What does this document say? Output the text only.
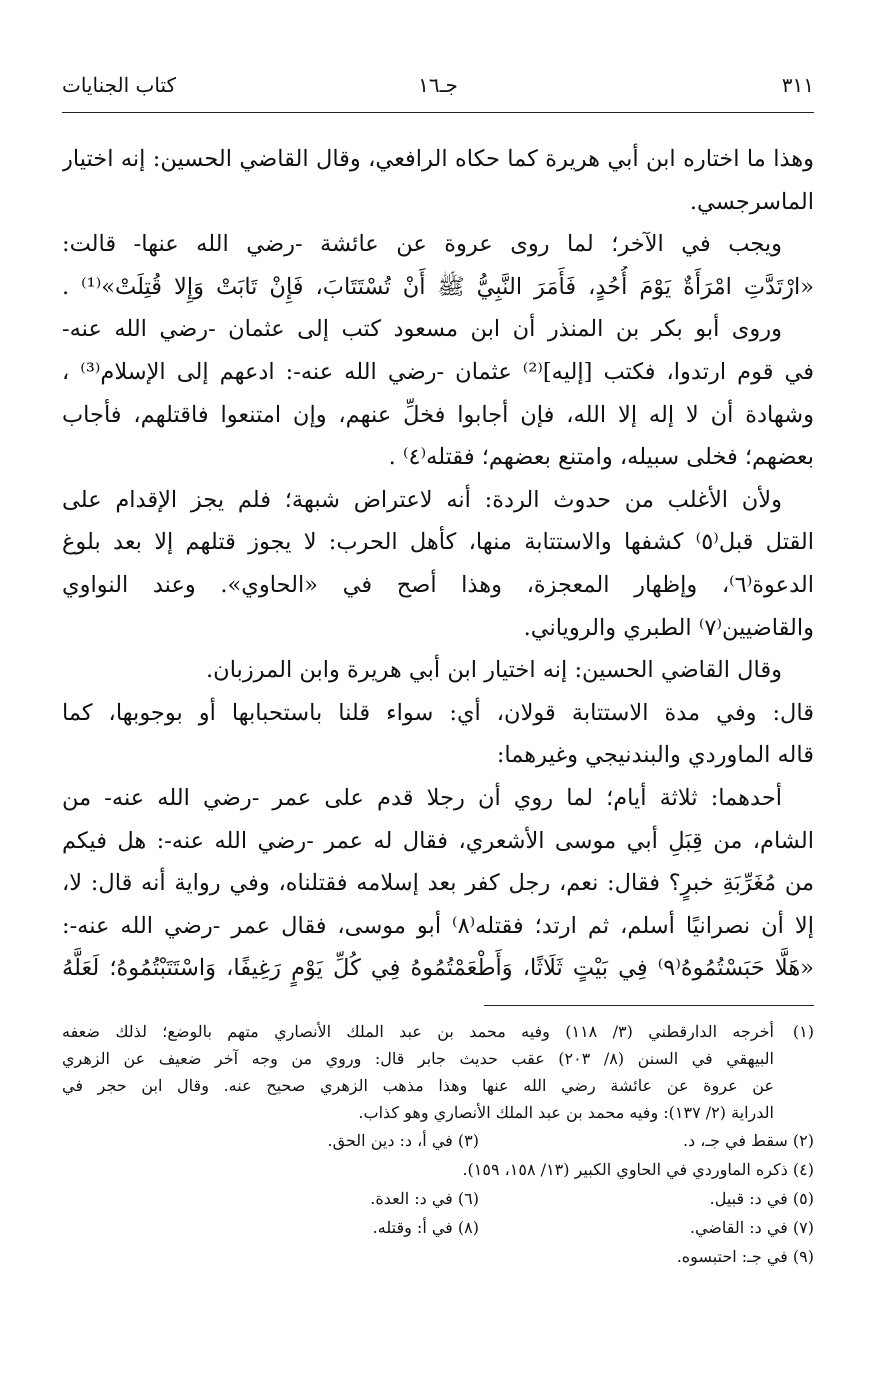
٣١١
جـ١٦
كتاب الجنايات
وهذا ما اختاره ابن أبي هريرة كما حكاه الرافعي، وقال القاضي الحسين: إنه اختيار
الماسرجسي.
ويجب في الآخر؛ لما روى عروة عن عائشة -رضي الله عنها- قالت:
«ارْتَدَّتِ امْرَأَةٌ يَوْمَ أُحُدٍ، فَأَمَرَ النَّبِيُّ ﷺ أَنْ تُسْتَتَابَ، فَإِنْ تَابَتْ وَإِلا قُتِلَتْ»⁽¹⁾ .
وروى أبو بكر بن المنذر أن ابن مسعود كتب إلى عثمان -رضي الله عنه-
في قوم ارتدوا، فكتب [إليه]⁽²⁾ عثمان -رضي الله عنه-: ادعهم إلى الإسلام⁽³⁾ ،
وشهادة أن لا إله إلا الله، فإن أجابوا فخلِّ عنهم، وإن امتنعوا فاقتلهم، فأجاب
بعضهم؛ فخلى سبيله، وامتنع بعضهم؛ فقتله⁽٤⁾ .
ولأن الأغلب من حدوث الردة: أنه لاعتراض شبهة؛ فلم يجز الإقدام على
القتل قبل⁽٥⁾ كشفها والاستتابة منها، كأهل الحرب: لا يجوز قتلهم إلا بعد بلوغ
الدعوة⁽٦⁾، وإظهار المعجزة، وهذا أصح في «الحاوي». وعند النواوي
والقاضيين⁽٧⁾ الطبري والروياني.
وقال القاضي الحسين: إنه اختيار ابن أبي هريرة وابن المرزبان.
قال: وفي مدة الاستتابة قولان، أي: سواء قلنا باستحبابها أو بوجوبها، كما
قاله الماوردي والبندنيجي وغيرهما:
أحدهما: ثلاثة أيام؛ لما روي أن رجلا قدم على عمر -رضي الله عنه- من
الشام، من قِبَلِ أبي موسى الأشعري، فقال له عمر -رضي الله عنه-: هل فيكم
من مُغَرِّبَةِ خبرٍ؟ فقال: نعم، رجل كفر بعد إسلامه فقتلناه، وفي رواية أنه قال: لا،
إلا أن نصرانيًا أسلم، ثم ارتد؛ فقتله⁽٨⁾ أبو موسى، فقال عمر -رضي الله عنه-:
«هَلَّا حَبَسْتُمُوهُ⁽٩⁾ فِي بَيْتٍ ثَلَاثًا، وَأَطْعَمْتُمُوهُ فِي كُلِّ يَوْمٍ رَغِيفًا، وَاسْتَتَبْتُمُوهُ؛ لَعَلَّهُ
(١)
أخرجه الدارقطني (٣/ ١١٨) وفيه محمد بن عبد الملك الأنصاري متهم بالوضع؛ لذلك ضعفه
البيهقي في السنن (٨/ ٢٠٣) عقب حديث جابر قال: وروي من وجه آخر ضعيف عن الزهري
عن عروة عن عائشة رضي الله عنها وهذا مذهب الزهري صحيح عنه. وقال ابن حجر في
الدراية (٢/ ١٣٧): وفيه محمد بن عبد الملك الأنصاري وهو كذاب.
(٢) سقط في جـ، د.
(٣) في أ، د: دين الحق.
(٤) ذكره الماوردي في الحاوي الكبير (١٣/ ١٥٨، ١٥٩).
(٥) في د: قبيل.
(٦) في د: العدة.
(٧) في د: القاضي.
(٨) في أ: وقتله.
(٩) في جـ: احتبسوه.
